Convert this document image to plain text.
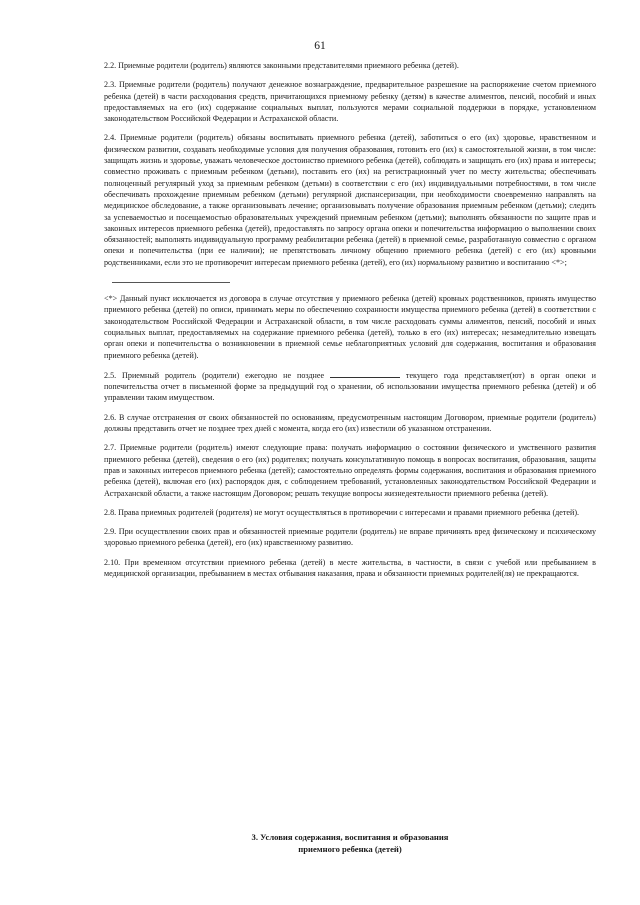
61

2.2. Приемные родители (родитель) являются законными представителями приемного ребенка (детей).

2.3. Приемные родители (родитель) получают денежное вознаграждение, предварительное разрешение на распоряжение счетом приемного ребенка (детей) в части расходования средств, причитающихся приемному ребенку (детям) в качестве алиментов, пенсий, пособий и иных предоставляемых на его (их) содержание социальных выплат, пользуются мерами социальной поддержки в порядке, установленном законодательством Российской Федерации и Астраханской области.

2.4. Приемные родители (родитель) обязаны воспитывать приемного ребенка (детей), заботиться о его (их) здоровье, нравственном и физическом развитии, создавать необходимые условия для получения образования, готовить его (их) к самостоятельной жизни, в том числе: защищать жизнь и здоровье, уважать человеческое достоинство приемного ребенка (детей), соблюдать и защищать его (их) права и интересы; совместно проживать с приемным ребенком (детьми), поставить его (их) на регистрационный учет по месту жительства; обеспечивать полноценный регулярный уход за приемным ребенком (детьми) в соответствии с его (их) индивидуальными потребностями, в том числе обеспечивать прохождение приемным ребенком (детьми) регулярной диспансеризации, при необходимости своевременно направлять на медицинское обследование, а также организовывать лечение; организовывать получение образования приемным ребенком (детьми); следить за успеваемостью и посещаемостью образовательных учреждений приемным ребенком (детьми); выполнять обязанности по защите прав и законных интересов приемного ребенка (детей), предоставлять по запросу органа опеки и попечительства информацию о выполнении своих обязанностей; выполнять индивидуальную программу реабилитации ребенка (детей) в приемной семье, разработанную совместно с органом опеки и попечительства (при ее наличии); не препятствовать личному общению приемного ребенка (детей) с его (их) кровными родственниками, если это не противоречит интересам приемного ребенка (детей), его (их) нормальному развитию и воспитанию <*>;

<*> Данный пункт исключается из договора в случае отсутствия у приемного ребенка (детей) кровных родственников, принять имущество приемного ребенка (детей) по описи, принимать меры по обеспечению сохранности имущества приемного ребенка (детей) в соответствии с законодательством Российской Федерации и Астраханской области, в том числе расходовать суммы алиментов, пенсий, пособий и иных социальных выплат, предоставляемых на содержание приемного ребенка (детей), только в его (их) интересах; незамедлительно извещать орган опеки и попечительства о возникновении в приемной семье неблагоприятных условий для содержания, воспитания и образования приемного ребенка (детей).

2.5. Приемный родитель (родители) ежегодно не позднее	текущего года представляет(ют) в орган опеки и попечительства отчет в письменной форме за предыдущий год о хранении, об использовании имущества приемного ребенка (детей) и об управлении таким имуществом.

2.6. В случае отстранения от своих обязанностей по основаниям, предусмотренным настоящим Договором, приемные родители (родитель) должны представить отчет не позднее трех дней с момента, когда его (их) известили об указанном отстранении.

2.7. Приемные родители (родитель) имеют следующие права: получать информацию о состоянии физического и умственного развития приемного ребенка (детей), сведения о его (их) родителях; получать консультативную помощь в вопросах воспитания, образования, защиты прав и законных интересов приемного ребенка (детей); самостоятельно определять формы содержания, воспитания и образования приемного ребенка (детей), включая его (их) распорядок дня, с соблюдением требований, установленных законодательством Российской Федерации и Астраханской области, а также настоящим Договором; решать текущие вопросы жизнедеятельности приемного ребенка (детей).

2.8. Права приемных родителей (родителя) не могут осуществляться в противоречии с интересами и правами приемного ребенка (детей).

2.9. При осуществлении своих прав и обязанностей приемные родители (родитель) не вправе причинять вред физическому и психическому здоровью приемного ребенка (детей), его (их) нравственному развитию.

2.10. При временном отсутствии приемного ребенка (детей) в месте жительства, в частности, в связи с учебой или пребыванием в медицинской организации, пребыванием в местах отбывания наказания, права и обязанности приемных родителей(ля) не прекращаются.

3. Условия содержания, воспитания и образования
приемного ребенка (детей)
